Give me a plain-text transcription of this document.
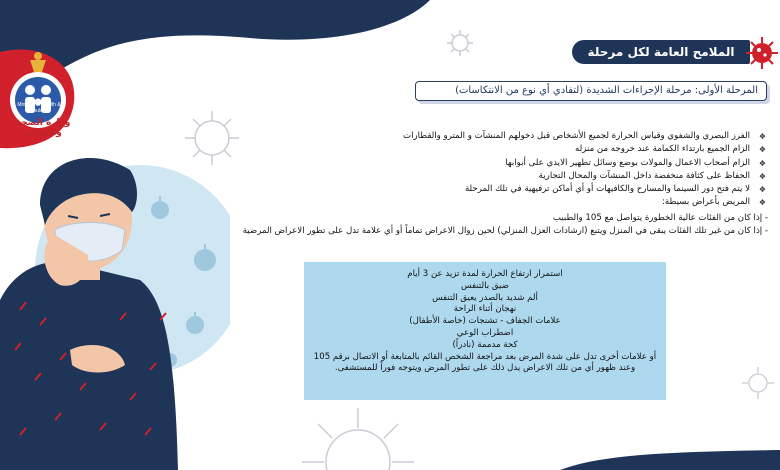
Ministry of Health & Population
وزارة الصحة والسكان
الملامح العامة لكل مرحلة
المرحلة الأولى: مرحلة الإجراءات الشديدة (لتفادي أي نوع من الانتكاسات)
❖
الفرز البصري والشفوي وقياس الحرارة لجميع الأشخاص قبل دخولهم المنشآت و المترو والقطارات
❖
الزام الجميع بارتداء الكمامة عند خروجه من منزله
❖
الزام أصحاب الاعمال والمولات بوضع وسائل تطهير الايدي على أبوابها
❖
الحفاظ على كثافة منخفضة داخل المنشآت والمحال التجارية
❖
لا يتم فتح دور السينما والمسارح والكافيهات أو أي أماكن ترفيهية في تلك المرحلة
❖
المريض بأعراض بسيطة:
- إذا كان من الفئات عالية الخطورة يتواصل مع 105 والطبيب
- إذا كان من غير تلك الفئات يبقى في المنزل ويتبع (ارشادات العزل المنزلي) لحين زوال الاعراض تماماً أو أي علامة تدل على تطور الاعراض المرضية
استمرار ارتفاع الحرارة لمدة تزيد عن 3 أيام
ضيق بالتنفس
ألم شديد بالصدر يعيق التنفس
نهجان أثناء الراحة
علامات الجفاف - تشنجات (خاصة الأطفال)
اضطراب الوعي
كحة مدممة (نادراً)
أو علامات أخرى تدل على شدة المرض بعد مراجعة الشخص القائم بالمتابعة أو الاتصال برقم 105
وعند ظهور أي من تلك الاعراض يدل ذلك على تطور المرض ويتوجه فوراً للمستشفى.
